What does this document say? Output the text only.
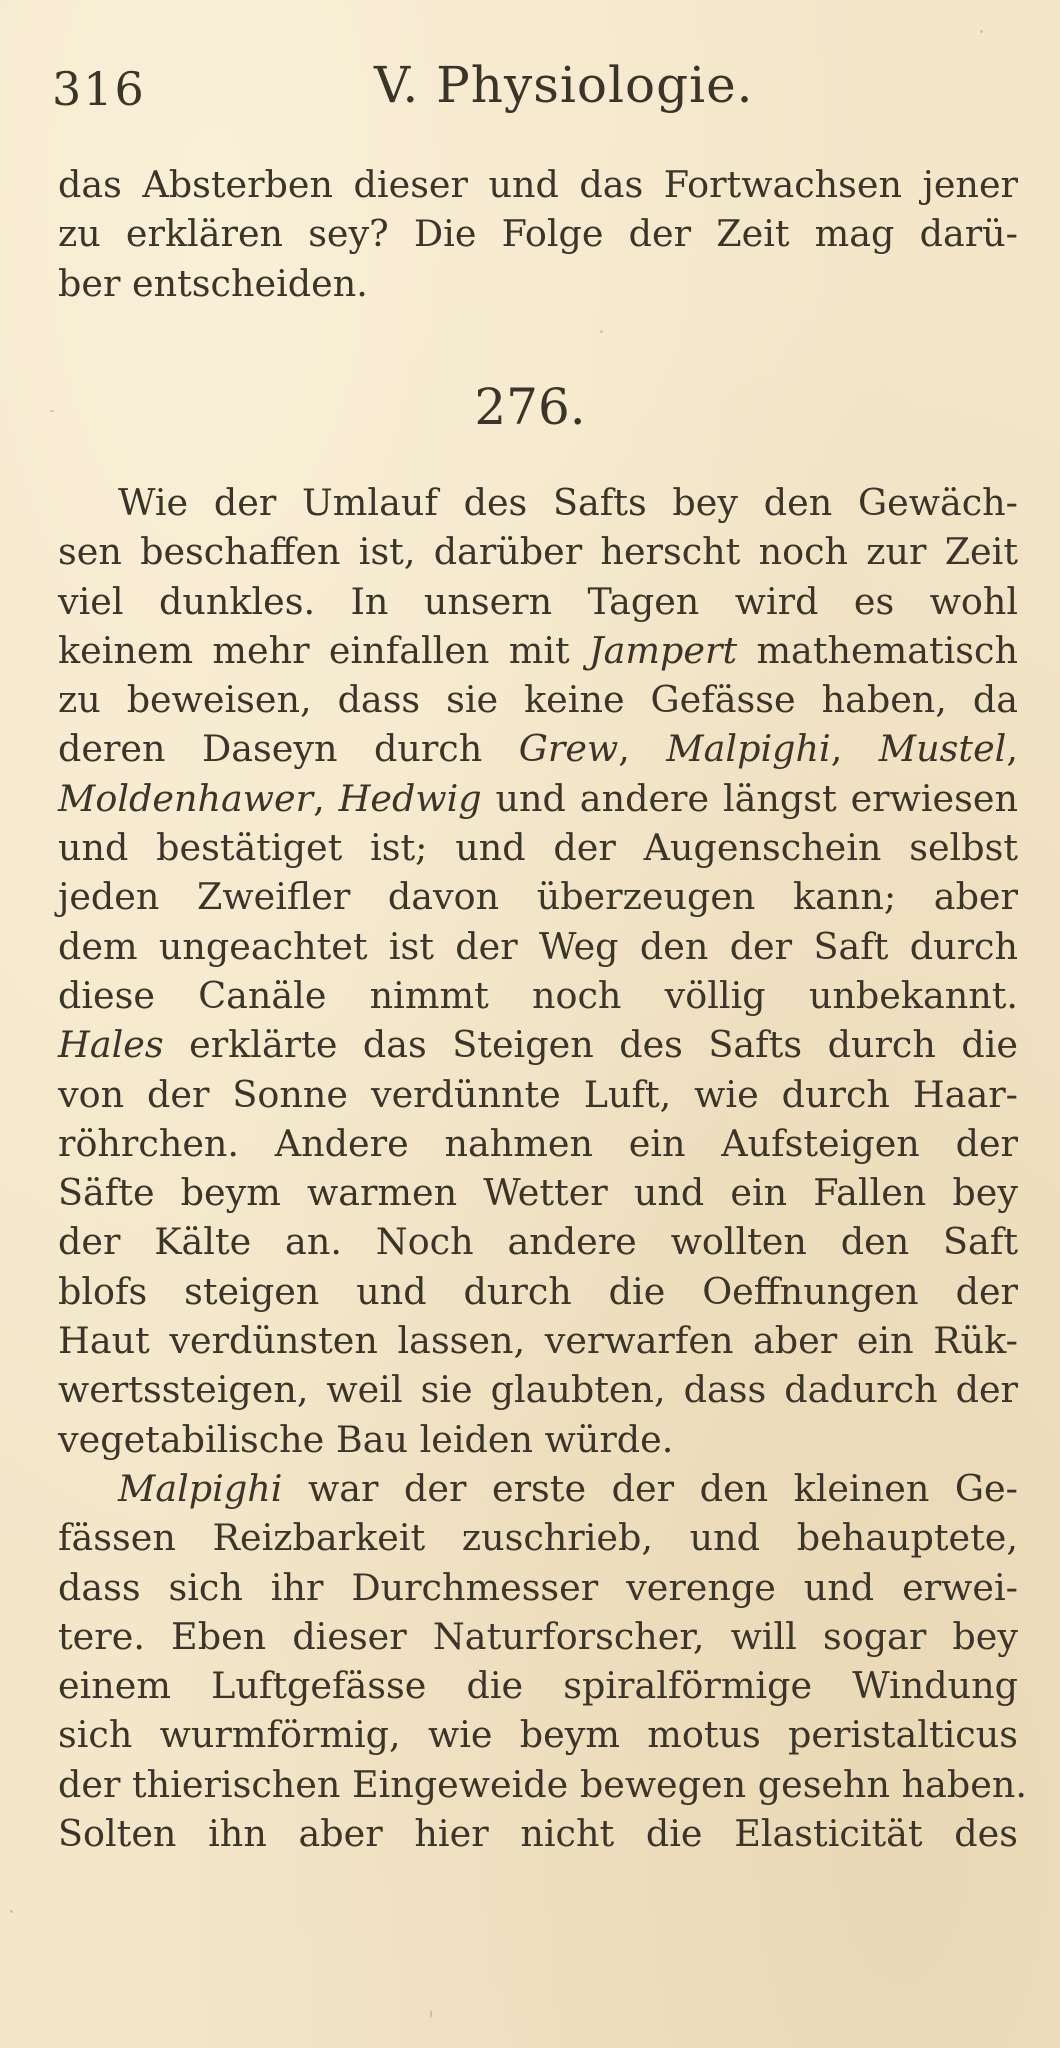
316	V. Physiologie.
das Absterben dieser und das Fortwachsen jener
zu erklären sey? Die Folge der Zeit mag darü-
ber entscheiden.
276.
Wie der Umlauf des Safts bey den Gewäch-
sen beschaffen ist, darüber herscht noch zur Zeit
viel dunkles. In unsern Tagen wird es wohl
keinem mehr einfallen mit Jampert mathematisch
zu beweisen, dass sie keine Gefässe haben, da
deren Daseyn durch Grew, Malpighi, Mustel,
Moldenhawer, Hedwig und andere längst erwiesen
und bestätiget ist; und der Augenschein selbst
jeden Zweifler davon überzeugen kann; aber
dem ungeachtet ist der Weg den der Saft durch
diese Canäle nimmt noch völlig unbekannt.
Hales erklärte das Steigen des Safts durch die
von der Sonne verdünnte Luft, wie durch Haar-
röhrchen. Andere nahmen ein Aufsteigen der
Säfte beym warmen Wetter und ein Fallen bey
der Kälte an. Noch andere wollten den Saft
blofs steigen und durch die Oeffnungen der
Haut verdünsten lassen, verwarfen aber ein Rük-
wertssteigen, weil sie glaubten, dass dadurch der
vegetabilische Bau leiden würde.
Malpighi war der erste der den kleinen Ge-
fässen Reizbarkeit zuschrieb, und behauptete,
dass sich ihr Durchmesser verenge und erwei-
tere. Eben dieser Naturforscher, will sogar bey
einem Luftgefässe die spiralförmige Windung
sich wurmförmig, wie beym motus peristalticus
der thierischen Eingeweide bewegen gesehn haben.
Solten ihn aber hier nicht die Elasticität des
